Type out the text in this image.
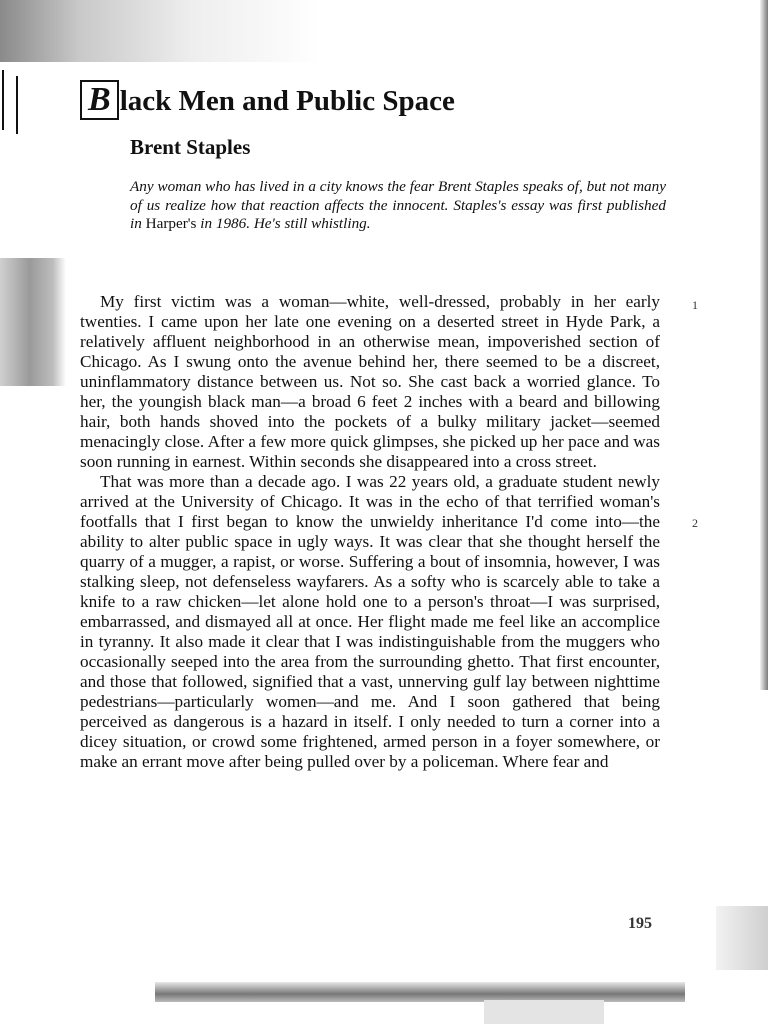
B lack Men and Public Space
Brent Staples
Any woman who has lived in a city knows the fear Brent Staples speaks of, but not many of us realize how that reaction affects the innocent. Staples's essay was first published in Harper's in 1986. He's still whistling.

My first victim was a woman—white, well-dressed, probably in her early twenties. I came upon her late one evening on a deserted street in Hyde Park, a relatively affluent neighborhood in an otherwise mean, impoverished section of Chicago. As I swung onto the avenue behind her, there seemed to be a discreet, uninflammatory distance between us. Not so. She cast back a worried glance. To her, the youngish black man—a broad 6 feet 2 inches with a beard and billowing hair, both hands shoved into the pockets of a bulky military jacket—seemed menacingly close. After a few more quick glimpses, she picked up her pace and was soon running in earnest. Within seconds she disappeared into a cross street.

That was more than a decade ago. I was 22 years old, a graduate student newly arrived at the University of Chicago. It was in the echo of that terrified woman's footfalls that I first began to know the unwieldy inheritance I'd come into—the ability to alter public space in ugly ways. It was clear that she thought herself the quarry of a mugger, a rapist, or worse. Suffering a bout of insomnia, however, I was stalking sleep, not defenseless wayfarers. As a softy who is scarcely able to take a knife to a raw chicken—let alone hold one to a person's throat—I was surprised, embarrassed, and dismayed all at once. Her flight made me feel like an accomplice in tyranny. It also made it clear that I was indistinguishable from the muggers who occasionally seeped into the area from the surrounding ghetto. That first encounter, and those that followed, signified that a vast, unnerving gulf lay between nighttime pedestrians—particularly women—and me. And I soon gathered that being perceived as dangerous is a hazard in itself. I only needed to turn a corner into a dicey situation, or crowd some frightened, armed person in a foyer somewhere, or make an errant move after being pulled over by a policeman. Where fear and

1
2
195
